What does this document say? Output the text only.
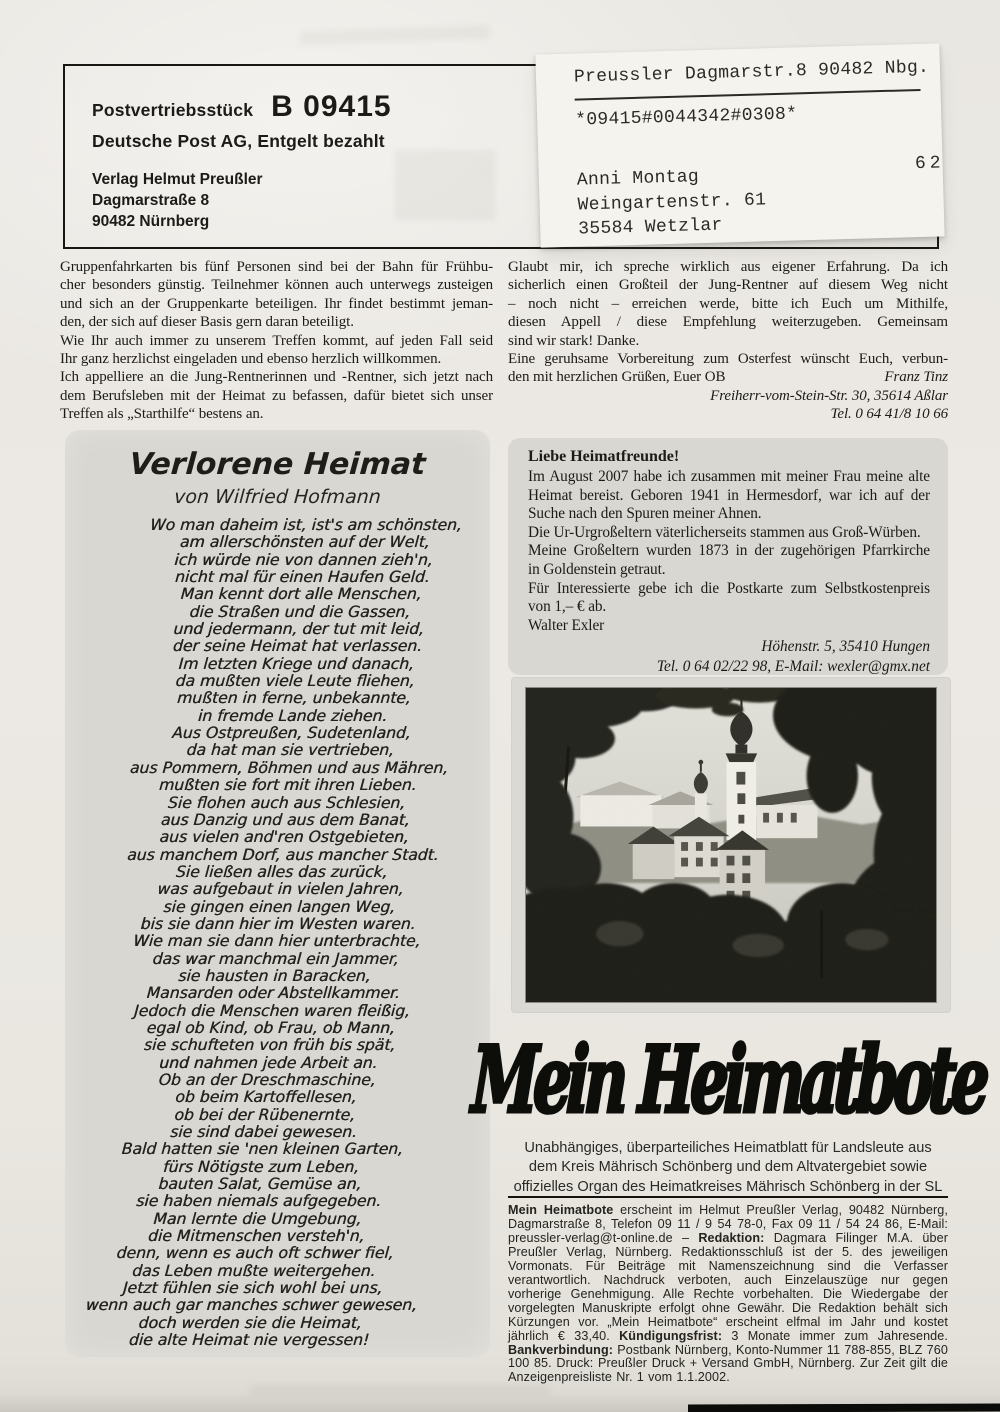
Postvertriebsstück B 09415
Deutsche Post AG, Entgelt bezahlt
Verlag Helmut Preußler
Dagmarstraße 8
90482 Nürnberg
Preussler Dagmarstr.8 90482 Nbg.
*09415#0044342#0308*
62
Anni Montag
Weingartenstr. 61
35584 Wetzlar
Gruppenfahrkarten bis fünf Personen sind bei der Bahn für Frühbu-
cher besonders günstig. Teilnehmer können auch unterwegs zusteigen
und sich an der Gruppenkarte beteiligen. Ihr findet bestimmt jeman-
den, der sich auf dieser Basis gern daran beteiligt.
Wie Ihr auch immer zu unserem Treffen kommt, auf jeden Fall seid
Ihr ganz herzlichst eingeladen und ebenso herzlich willkommen.
Ich appelliere an die Jung-Rentnerinnen und -Rentner, sich jetzt nach
dem Berufsleben mit der Heimat zu befassen, dafür bietet sich unser
Treffen als „Starthilfe“ bestens an.
Glaubt mir, ich spreche wirklich aus eigener Erfahrung. Da ich
sicherlich einen Großteil der Jung-Rentner auf diesem Weg nicht
– noch nicht – erreichen werde, bitte ich Euch um Mithilfe,
diesen Appell / diese Empfehlung weiterzugeben. Gemeinsam
sind wir stark! Danke.
Eine geruhsame Vorbereitung zum Osterfest wünscht Euch, verbun-
den mit herzlichen Grüßen, Euer OB	Franz Tinz
Freiherr-vom-Stein-Str. 30, 35614 Aßlar
Tel. 0 64 41/8 10 66
Verlorene Heimat
von Wilfried Hofmann
Wo man daheim ist, ist's am schönsten,
am allerschönsten auf der Welt,
ich würde nie von dannen zieh'n,
nicht mal für einen Haufen Geld.
Man kennt dort alle Menschen,
die Straßen und die Gassen,
und jedermann, der tut mit leid,
der seine Heimat hat verlassen.
Im letzten Kriege und danach,
da mußten viele Leute fliehen,
mußten in ferne, unbekannte,
in fremde Lande ziehen.
Aus Ostpreußen, Sudetenland,
da hat man sie vertrieben,
aus Pommern, Böhmen und aus Mähren,
mußten sie fort mit ihren Lieben.
Sie flohen auch aus Schlesien,
aus Danzig und aus dem Banat,
aus vielen and'ren Ostgebieten,
aus manchem Dorf, aus mancher Stadt.
Sie ließen alles das zurück,
was aufgebaut in vielen Jahren,
sie gingen einen langen Weg,
bis sie dann hier im Westen waren.
Wie man sie dann hier unterbrachte,
das war manchmal ein Jammer,
sie hausten in Baracken,
Mansarden oder Abstellkammer.
Jedoch die Menschen waren fleißig,
egal ob Kind, ob Frau, ob Mann,
sie schufteten von früh bis spät,
und nahmen jede Arbeit an.
Ob an der Dreschmaschine,
ob beim Kartoffellesen,
ob bei der Rübenernte,
sie sind dabei gewesen.
Bald hatten sie 'nen kleinen Garten,
fürs Nötigste zum Leben,
bauten Salat, Gemüse an,
sie haben niemals aufgegeben.
Man lernte die Umgebung,
die Mitmenschen versteh'n,
denn, wenn es auch oft schwer fiel,
das Leben mußte weitergehen.
Jetzt fühlen sie sich wohl bei uns,
wenn auch gar manches schwer gewesen,
doch werden sie die Heimat,
die alte Heimat nie vergessen!
Liebe Heimatfreunde!
Im August 2007 habe ich zusammen mit meiner Frau meine alte
Heimat bereist. Geboren 1941 in Hermesdorf, war ich auf der
Suche nach den Spuren meiner Ahnen.
Die Ur-Urgroßeltern väterlicherseits stammen aus Groß-Würben.
Meine Großeltern wurden 1873 in der zugehörigen Pfarrkirche
in Goldenstein getraut.
Für Interessierte gebe ich die Postkarte zum Selbstkostenpreis
von 1,– € ab.
Walter Exler
Höhenstr. 5, 35410 Hungen
Tel. 0 64 02/22 98, E-Mail: wexler@gmx.net
Mein Heimatbote
Unabhängiges, überparteiliches Heimatblatt für Landsleute aus
dem Kreis Mährisch Schönberg und dem Altvatergebiet sowie
offizielles Organ des Heimatkreises Mährisch Schönberg in der SL
Mein Heimatbote erscheint im Helmut Preußler Verlag, 90482 Nürnberg, Dagmarstraße 8, Telefon 09 11 / 9 54 78-0, Fax 09 11 / 54 24 86, E-Mail: preussler-verlag@t-online.de – Redaktion: Dagmara Filinger M.A. über Preußler Verlag, Nürnberg. Redaktionsschluß ist der 5. des jeweiligen Vormonats. Für Beiträge mit Namenszeichnung sind die Verfasser verantwortlich. Nachdruck verboten, auch Einzelauszüge nur gegen vorherige Genehmigung. Alle Rechte vorbehalten. Die Wiedergabe der vorgelegten Manuskripte erfolgt ohne Gewähr. Die Redaktion behält sich Kürzungen vor. „Mein Heimatbote“ erscheint elfmal im Jahr und kostet jährlich € 33,40. Kündigungsfrist: 3 Monate immer zum Jahresende. Bankverbindung: Postbank Nürnberg, Konto-Nummer 11 788-855, BLZ 760 100 85. Druck: Preußler Druck + Versand GmbH, Nürnberg. Zur Zeit gilt die Anzeigenpreisliste Nr. 1 vom 1.1.2002.
